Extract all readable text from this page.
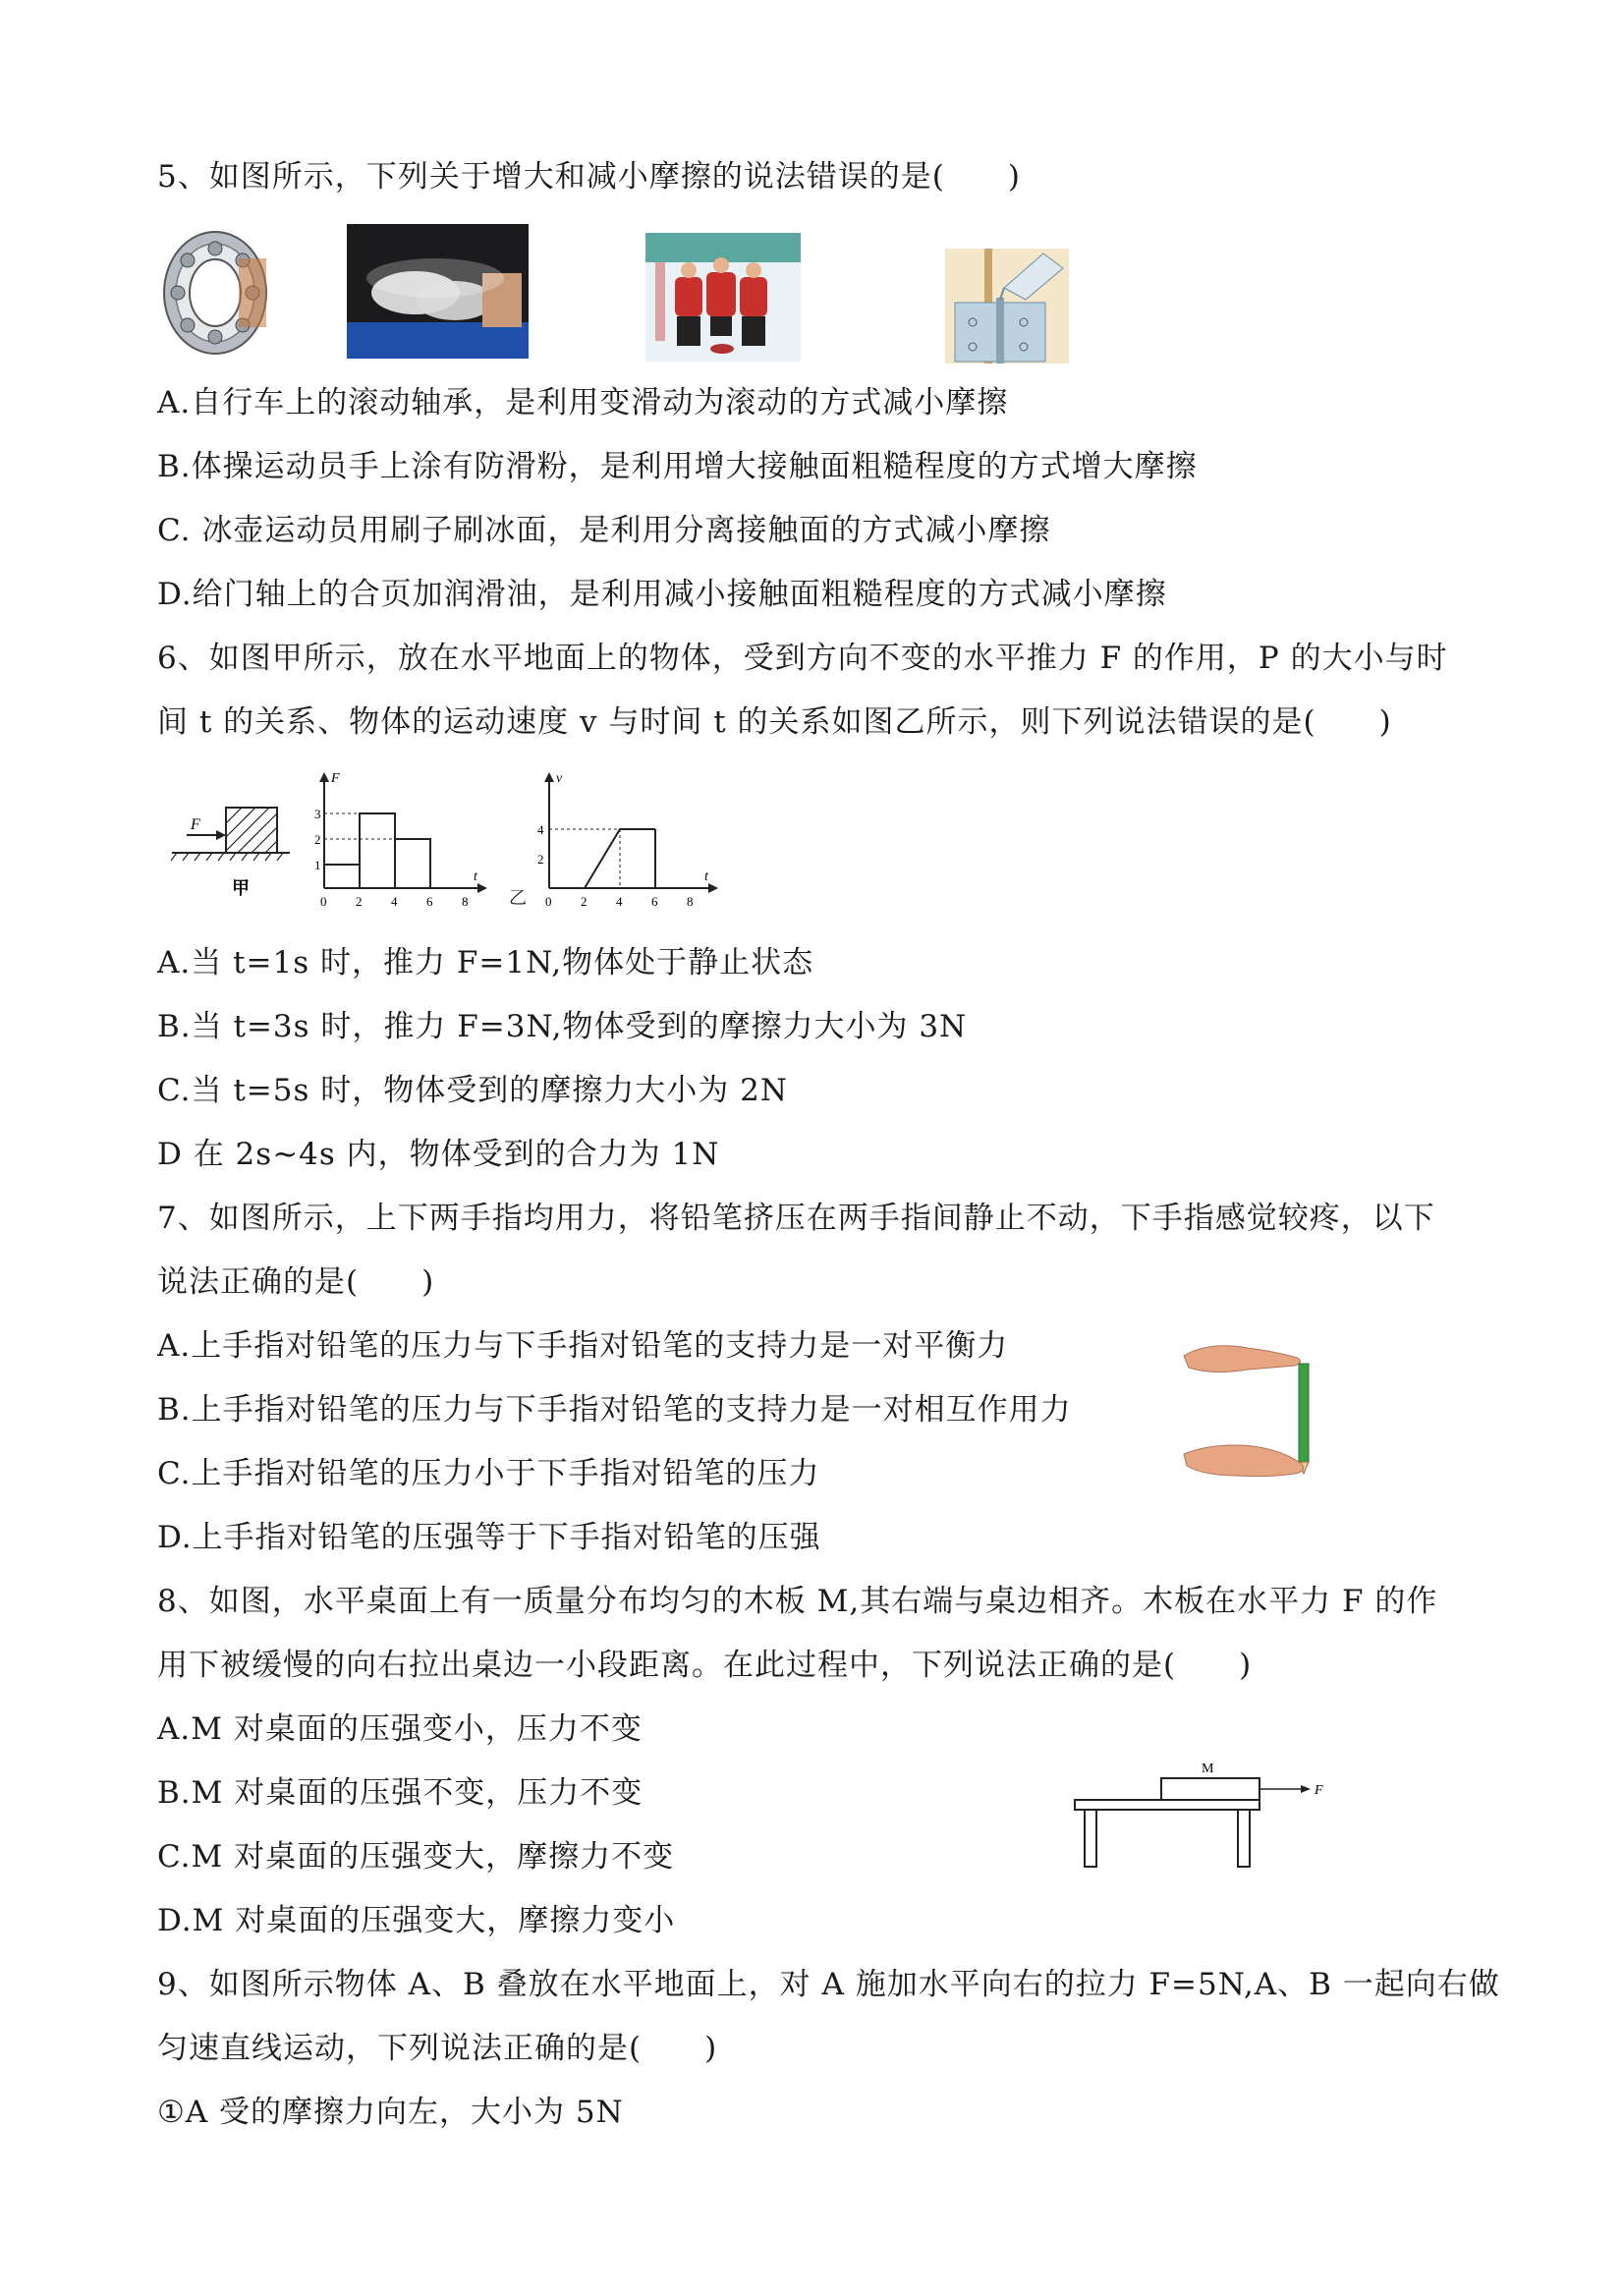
5、如图所示，下列关于增大和减小摩擦的说法错误的是(　　)
A.自行车上的滚动轴承，是利用变滑动为滚动的方式减小摩擦
B.体操运动员手上涂有防滑粉，是利用增大接触面粗糙程度的方式增大摩擦
C. 冰壶运动员用刷子刷冰面，是利用分离接触面的方式减小摩擦
D.给门轴上的合页加润滑油，是利用减小接触面粗糙程度的方式减小摩擦
6、如图甲所示，放在水平地面上的物体，受到方向不变的水平推力 F 的作用，P 的大小与时
间 t 的关系、物体的运动速度 v 与时间 t 的关系如图乙所示，则下列说法错误的是(　　)
F
甲
F
t
1
2
3
0 2 4 6 8 乙
v
t
2
4
0 2 4 6 8
A.当 t=1s 时，推力 F=1N,物体处于静止状态
B.当 t=3s 时，推力 F=3N,物体受到的摩擦力大小为 3N
C.当 t=5s 时，物体受到的摩擦力大小为 2N
D 在 2s~4s 内，物体受到的合力为 1N
7、如图所示，上下两手指均用力，将铅笔挤压在两手指间静止不动，下手指感觉较疼，以下
说法正确的是(　　)
A.上手指对铅笔的压力与下手指对铅笔的支持力是一对平衡力
B.上手指对铅笔的压力与下手指对铅笔的支持力是一对相互作用力
C.上手指对铅笔的压力小于下手指对铅笔的压力
D.上手指对铅笔的压强等于下手指对铅笔的压强
8、如图，水平桌面上有一质量分布均匀的木板 M,其右端与桌边相齐。木板在水平力 F 的作
用下被缓慢的向右拉出桌边一小段距离。在此过程中，下列说法正确的是(　　)
A.M 对桌面的压强变小，压力不变
B.M 对桌面的压强不变，压力不变
C.M 对桌面的压强变大，摩擦力不变
D.M 对桌面的压强变大，摩擦力变小
M
F
9、如图所示物体 A、B 叠放在水平地面上，对 A 施加水平向右的拉力 F=5N,A、B 一起向右做
匀速直线运动，下列说法正确的是(　　)
①A 受的摩擦力向左，大小为 5N
